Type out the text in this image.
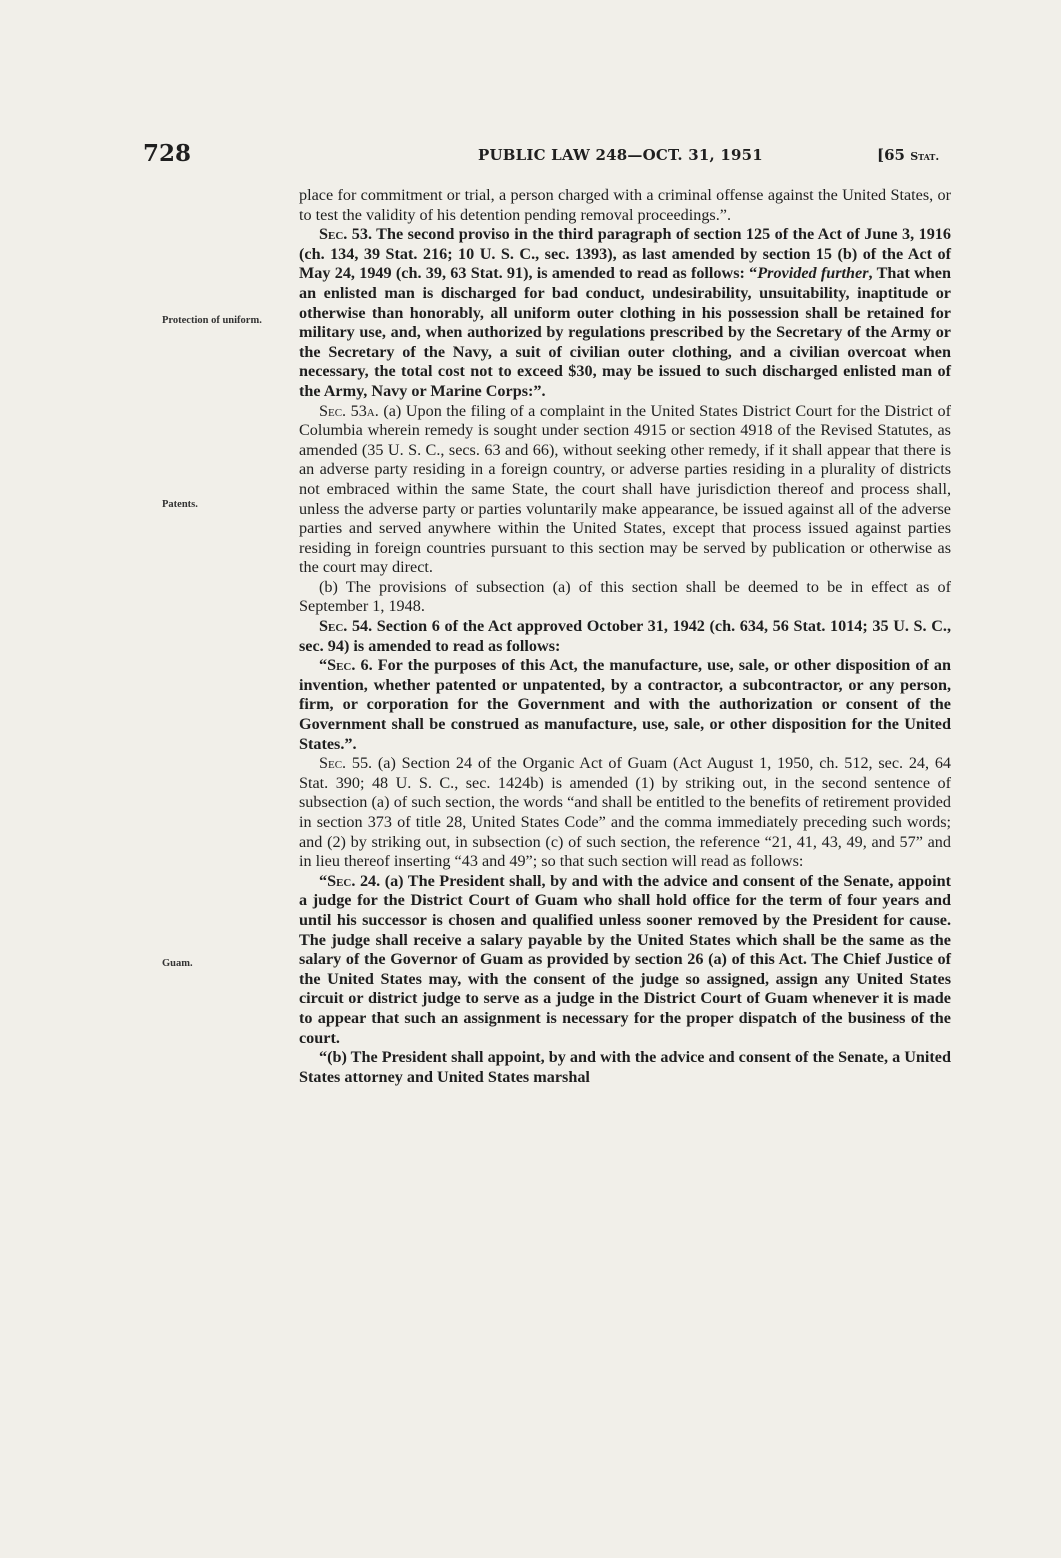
728	PUBLIC LAW 248—OCT. 31, 1951	[65 Stat.
Protection of uniform.
Patents.
Guam.

place for commitment or trial, a person charged with a criminal offense against the United States, or to test the validity of his detention pending removal proceedings.”.

Sec. 53. The second proviso in the third paragraph of section 125 of the Act of June 3, 1916 (ch. 134, 39 Stat. 216; 10 U. S. C., sec. 1393), as last amended by section 15 (b) of the Act of May 24, 1949 (ch. 39, 63 Stat. 91), is amended to read as follows: “Provided further, That when an enlisted man is discharged for bad conduct, undesirability, unsuitability, inaptitude or otherwise than honorably, all uniform outer clothing in his possession shall be retained for military use, and, when authorized by regulations prescribed by the Secretary of the Army or the Secretary of the Navy, a suit of civilian outer clothing, and a civilian overcoat when necessary, the total cost not to exceed $30, may be issued to such discharged enlisted man of the Army, Navy or Marine Corps:”.

Sec. 53a. (a) Upon the filing of a complaint in the United States District Court for the District of Columbia wherein remedy is sought under section 4915 or section 4918 of the Revised Statutes, as amended (35 U. S. C., secs. 63 and 66), without seeking other remedy, if it shall appear that there is an adverse party residing in a foreign country, or adverse parties residing in a plurality of districts not embraced within the same State, the court shall have jurisdiction thereof and process shall, unless the adverse party or parties voluntarily make appearance, be issued against all of the adverse parties and served anywhere within the United States, except that process issued against parties residing in foreign countries pursuant to this section may be served by publication or otherwise as the court may direct.

(b) The provisions of subsection (a) of this section shall be deemed to be in effect as of September 1, 1948.

Sec. 54. Section 6 of the Act approved October 31, 1942 (ch. 634, 56 Stat. 1014; 35 U. S. C., sec. 94) is amended to read as follows:

“Sec. 6. For the purposes of this Act, the manufacture, use, sale, or other disposition of an invention, whether patented or unpatented, by a contractor, a subcontractor, or any person, firm, or corporation for the Government and with the authorization or consent of the Government shall be construed as manufacture, use, sale, or other disposition for the United States.”.

Sec. 55. (a) Section 24 of the Organic Act of Guam (Act August 1, 1950, ch. 512, sec. 24, 64 Stat. 390; 48 U. S. C., sec. 1424b) is amended (1) by striking out, in the second sentence of subsection (a) of such section, the words “and shall be entitled to the benefits of retirement provided in section 373 of title 28, United States Code” and the comma immediately preceding such words; and (2) by striking out, in subsection (c) of such section, the reference “21, 41, 43, 49, and 57” and in lieu thereof inserting “43 and 49”; so that such section will read as follows:

“Sec. 24. (a) The President shall, by and with the advice and consent of the Senate, appoint a judge for the District Court of Guam who shall hold office for the term of four years and until his successor is chosen and qualified unless sooner removed by the President for cause. The judge shall receive a salary payable by the United States which shall be the same as the salary of the Governor of Guam as provided by section 26 (a) of this Act. The Chief Justice of the United States may, with the consent of the judge so assigned, assign any United States circuit or district judge to serve as a judge in the District Court of Guam whenever it is made to appear that such an assignment is necessary for the proper dispatch of the business of the court.

“(b) The President shall appoint, by and with the advice and consent of the Senate, a United States attorney and United States marshal
